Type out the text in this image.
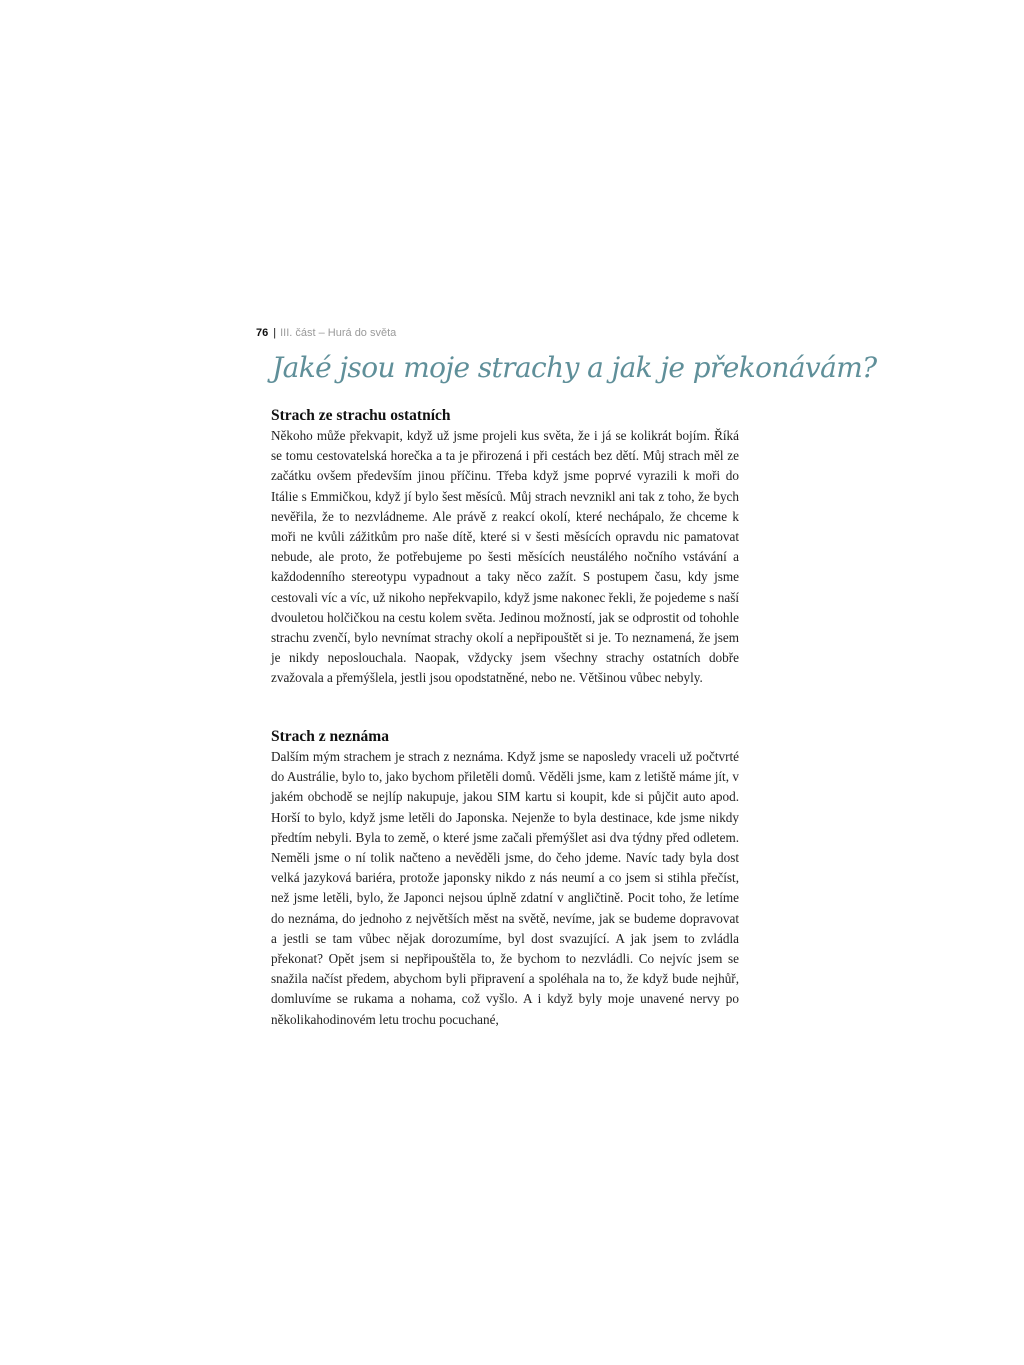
76 | III. část – Hurá do světa
Jaké jsou moje strachy a jak je překonávám?
Strach ze strachu ostatních

Někoho může překvapit, když už jsme projeli kus světa, že i já se kolikrát bojím. Říká se tomu cestovatelská horečka a ta je přirozená i při cestách bez dětí. Můj strach měl ze začátku ovšem především jinou příčinu. Třeba když jsme poprvé vyrazili k moři do Itálie s Emmičkou, když jí bylo šest měsíců. Můj strach nevznikl ani tak z toho, že bych nevěřila, že to nezvládneme. Ale právě z reakcí okolí, které nechápalo, že chceme k moři ne kvůli zážitkům pro naše dítě, které si v šesti měsících opravdu nic pamatovat nebude, ale proto, že potřebujeme po šesti měsících neustálého nočního vstávání a každodenního stereotypu vypadnout a taky něco zažít. S postupem času, kdy jsme cestovali víc a víc, už nikoho nepřekvapilo, když jsme nakonec řekli, že pojedeme s naší dvouletou holčičkou na cestu kolem světa. Jedinou možností, jak se odprostit od tohohle strachu zvenčí, bylo nevnímat strachy okolí a nepřipouštět si je. To neznamená, že jsem je nikdy neposlouchala. Naopak, vždycky jsem všechny strachy ostatních dobře zvažovala a přemýšlela, jestli jsou opodstatněné, nebo ne. Většinou vůbec nebyly.

Strach z neznáma

Dalším mým strachem je strach z neznáma. Když jsme se naposledy vraceli už počtvrté do Austrálie, bylo to, jako bychom přiletěli domů. Věděli jsme, kam z letiště máme jít, v jakém obchodě se nejlíp nakupuje, jakou SIM kartu si koupit, kde si půjčit auto apod. Horší to bylo, když jsme letěli do Japonska. Nejenže to byla destinace, kde jsme nikdy předtím nebyli. Byla to země, o které jsme začali přemýšlet asi dva týdny před odletem. Neměli jsme o ní tolik načteno a nevěděli jsme, do čeho jdeme. Navíc tady byla dost velká jazyková bariéra, protože japonsky nikdo z nás neumí a co jsem si stihla přečíst, než jsme letěli, bylo, že Japonci nejsou úplně zdatní v angličtině. Pocit toho, že letíme do neznáma, do jednoho z největších měst na světě, nevíme, jak se budeme dopravovat a jestli se tam vůbec nějak dorozumíme, byl dost svazující. A jak jsem to zvládla překonat? Opět jsem si nepřipouštěla to, že bychom to nezvládli. Co nejvíc jsem se snažila načíst předem, abychom byli připravení a spoléhala na to, že když bude nejhůř, domluvíme se rukama a nohama, což vyšlo. A i když byly moje unavené nervy po několikahodinovém letu trochu pocuchané,
